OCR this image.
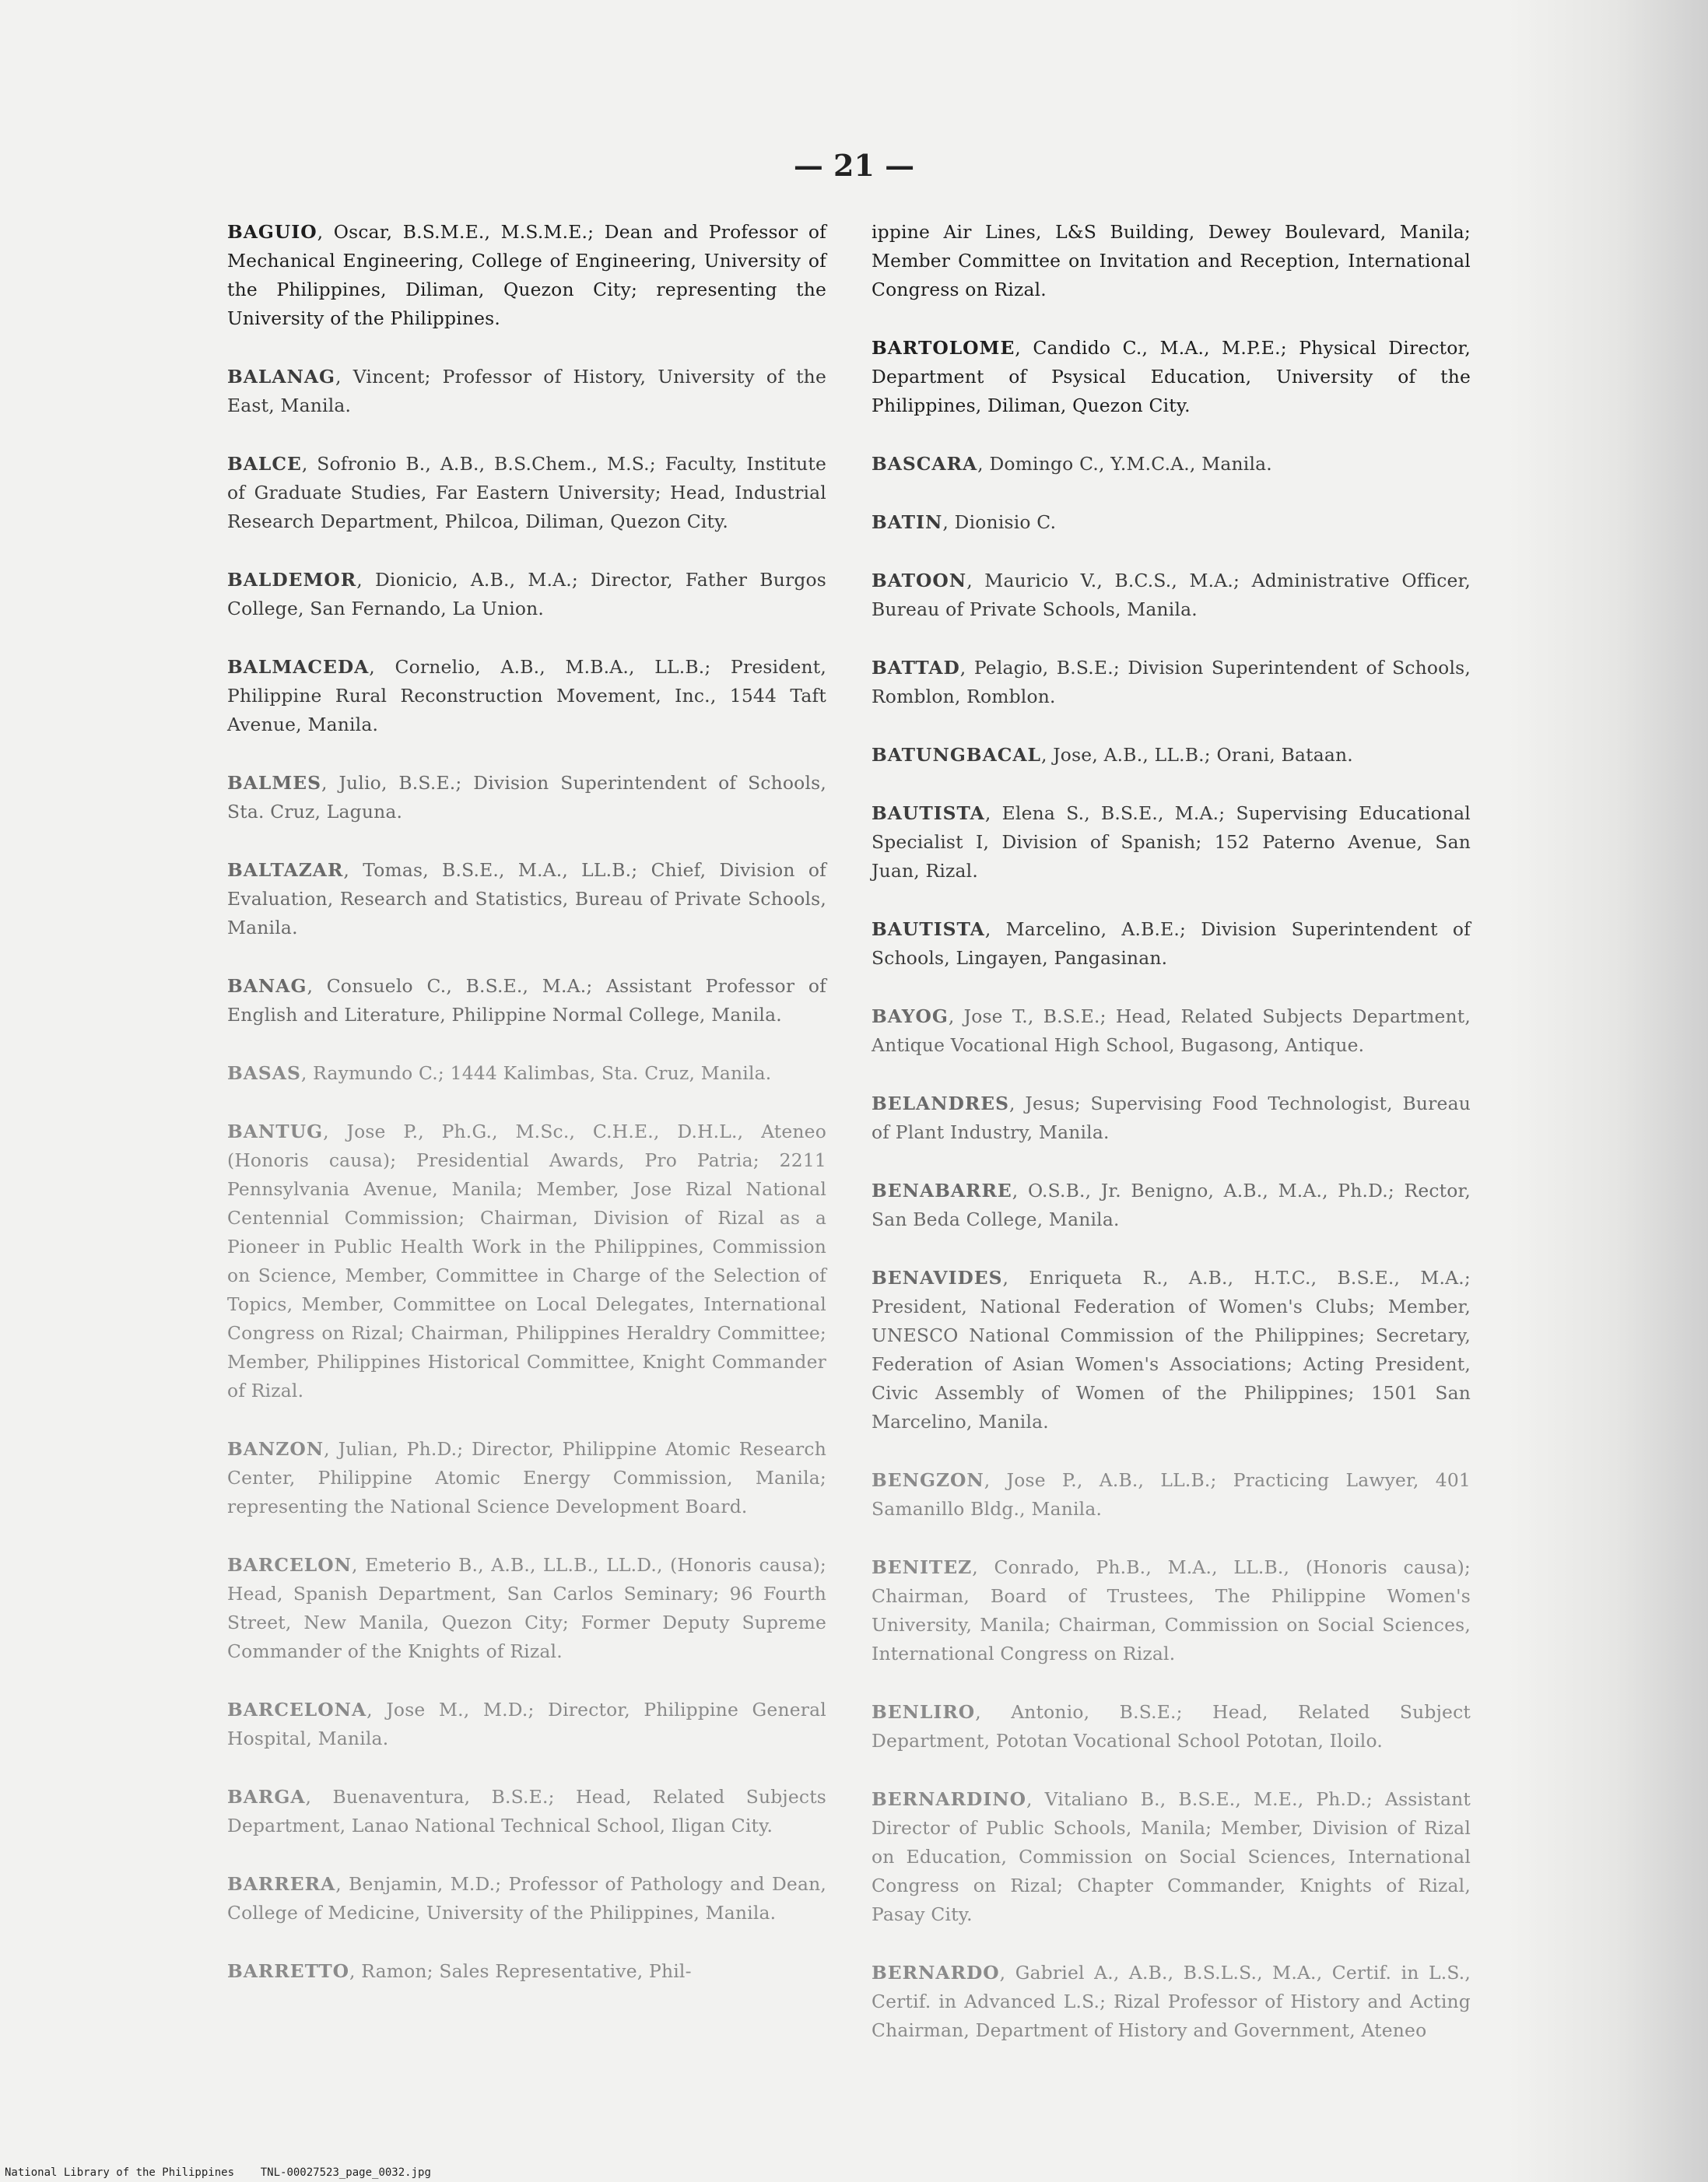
— 21 —

BAGUIO, Oscar, B.S.M.E., M.S.M.E.; Dean and Professor of Mechanical Engineering, College of Engineering, University of the Philippines, Diliman, Quezon City; representing the University of the Philippines.

BALANAG, Vincent; Professor of History, University of the East, Manila.

BALCE, Sofronio B., A.B., B.S.Chem., M.S.; Faculty, Institute of Graduate Studies, Far Eastern University; Head, Industrial Research Department, Philcoa, Diliman, Quezon City.

BALDEMOR, Dionicio, A.B., M.A.; Director, Father Burgos College, San Fernando, La Union.

BALMACEDA, Cornelio, A.B., M.B.A., LL.B.; President, Philippine Rural Reconstruction Movement, Inc., 1544 Taft Avenue, Manila.

BALMES, Julio, B.S.E.; Division Superintendent of Schools, Sta. Cruz, Laguna.

BALTAZAR, Tomas, B.S.E., M.A., LL.B.; Chief, Division of Evaluation, Research and Statistics, Bureau of Private Schools, Manila.

BANAG, Consuelo C., B.S.E., M.A.; Assistant Professor of English and Literature, Philippine Normal College, Manila.

BASAS, Raymundo C.; 1444 Kalimbas, Sta. Cruz, Manila.

BANTUG, Jose P., Ph.G., M.Sc., C.H.E., D.H.L., Ateneo (Honoris causa); Presidential Awards, Pro Patria; 2211 Pennsylvania Avenue, Manila; Member, Jose Rizal National Centennial Commission; Chairman, Division of Rizal as a Pioneer in Public Health Work in the Philippines, Commission on Science, Member, Committee in Charge of the Selection of Topics, Member, Committee on Local Delegates, International Congress on Rizal; Chairman, Philippines Heraldry Committee; Member, Philippines Historical Committee, Knight Commander of Rizal.

BANZON, Julian, Ph.D.; Director, Philippine Atomic Research Center, Philippine Atomic Energy Commission, Manila; representing the National Science Development Board.

BARCELON, Emeterio B., A.B., LL.B., LL.D., (Honoris causa); Head, Spanish Department, San Carlos Seminary; 96 Fourth Street, New Manila, Quezon City; Former Deputy Supreme Commander of the Knights of Rizal.

BARCELONA, Jose M., M.D.; Director, Philippine General Hospital, Manila.

BARGA, Buenaventura, B.S.E.; Head, Related Subjects Department, Lanao National Technical School, Iligan City.

BARRERA, Benjamin, M.D.; Professor of Pathology and Dean, College of Medicine, University of the Philippines, Manila.

BARRETTO, Ramon; Sales Representative, Phil-

ippine Air Lines, L&S Building, Dewey Boulevard, Manila; Member Committee on Invitation and Reception, International Congress on Rizal.

BARTOLOME, Candido C., M.A., M.P.E.; Physical Director, Department of Psysical Education, University of the Philippines, Diliman, Quezon City.

BASCARA, Domingo C., Y.M.C.A., Manila.

BATIN, Dionisio C.

BATOON, Mauricio V., B.C.S., M.A.; Administrative Officer, Bureau of Private Schools, Manila.

BATTAD, Pelagio, B.S.E.; Division Superintendent of Schools, Romblon, Romblon.

BATUNGBACAL, Jose, A.B., LL.B.; Orani, Bataan.

BAUTISTA, Elena S., B.S.E., M.A.; Supervising Educational Specialist I, Division of Spanish; 152 Paterno Avenue, San Juan, Rizal.

BAUTISTA, Marcelino, A.B.E.; Division Superintendent of Schools, Lingayen, Pangasinan.

BAYOG, Jose T., B.S.E.; Head, Related Subjects Department, Antique Vocational High School, Bugasong, Antique.

BELANDRES, Jesus; Supervising Food Technologist, Bureau of Plant Industry, Manila.

BENABARRE, O.S.B., Jr. Benigno, A.B., M.A., Ph.D.; Rector, San Beda College, Manila.

BENAVIDES, Enriqueta R., A.B., H.T.C., B.S.E., M.A.; President, National Federation of Women's Clubs; Member, UNESCO National Commission of the Philippines; Secretary, Federation of Asian Women's Associations; Acting President, Civic Assembly of Women of the Philippines; 1501 San Marcelino, Manila.

BENGZON, Jose P., A.B., LL.B.; Practicing Lawyer, 401 Samanillo Bldg., Manila.

BENITEZ, Conrado, Ph.B., M.A., LL.B., (Honoris causa); Chairman, Board of Trustees, The Philippine Women's University, Manila; Chairman, Commission on Social Sciences, International Congress on Rizal.

BENLIRO, Antonio, B.S.E.; Head, Related Subject Department, Pototan Vocational School Pototan, Iloilo.

BERNARDINO, Vitaliano B., B.S.E., M.E., Ph.D.; Assistant Director of Public Schools, Manila; Member, Division of Rizal on Education, Commission on Social Sciences, International Congress on Rizal; Chapter Commander, Knights of Rizal, Pasay City.

BERNARDO, Gabriel A., A.B., B.S.L.S., M.A., Certif. in L.S., Certif. in Advanced L.S.; Rizal Professor of History and Acting Chairman, Department of History and Government, Ateneo

National Library of the Philippines TNL-00027523_page_0032.jpg
